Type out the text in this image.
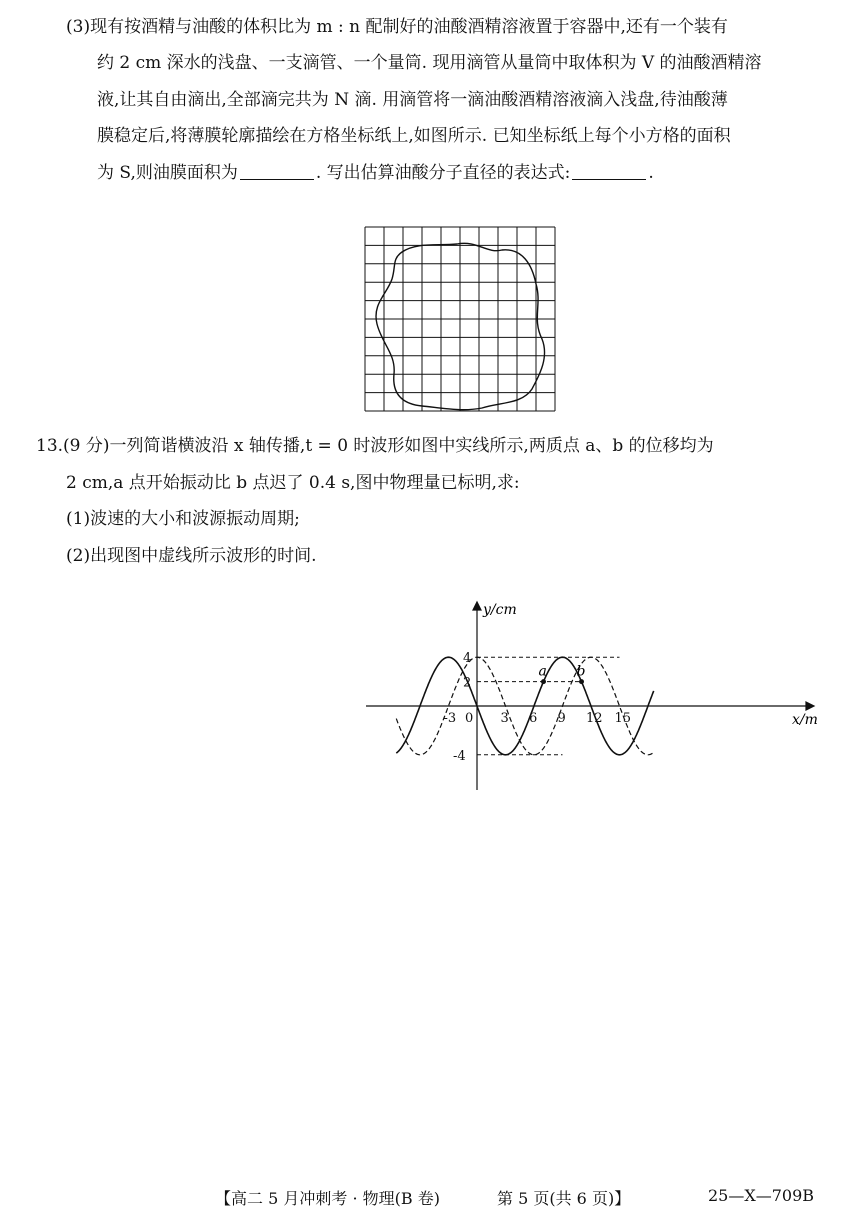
(3)现有按酒精与油酸的体积比为 m : n 配制好的油酸酒精溶液置于容器中,还有一个装有
约 2 cm 深水的浅盘、一支滴管、一个量筒. 现用滴管从量筒中取体积为 V 的油酸酒精溶
液,让其自由滴出,全部滴完共为 N 滴. 用滴管将一滴油酸酒精溶液滴入浅盘,待油酸薄
膜稳定后,将薄膜轮廓描绘在方格坐标纸上,如图所示. 已知坐标纸上每个小方格的面积
为 S,则油膜面积为	. 写出估算油酸分子直径的表达式:	.
13.(9 分)一列简谐横波沿 x 轴传播,t = 0 时波形如图中实线所示,两质点 a、b 的位移均为
2 cm,a 点开始振动比 b 点迟了 0.4 s,图中物理量已标明,求:
(1)波速的大小和波源振动周期;
(2)出现图中虚线所示波形的时间.
y/cm
x/m
-3 0 3 6 9 12 15
4
2
-4
a b
【高二 5 月冲刺考 · 物理(B 卷)	第 5 页(共 6 页)】	25—X—709B
